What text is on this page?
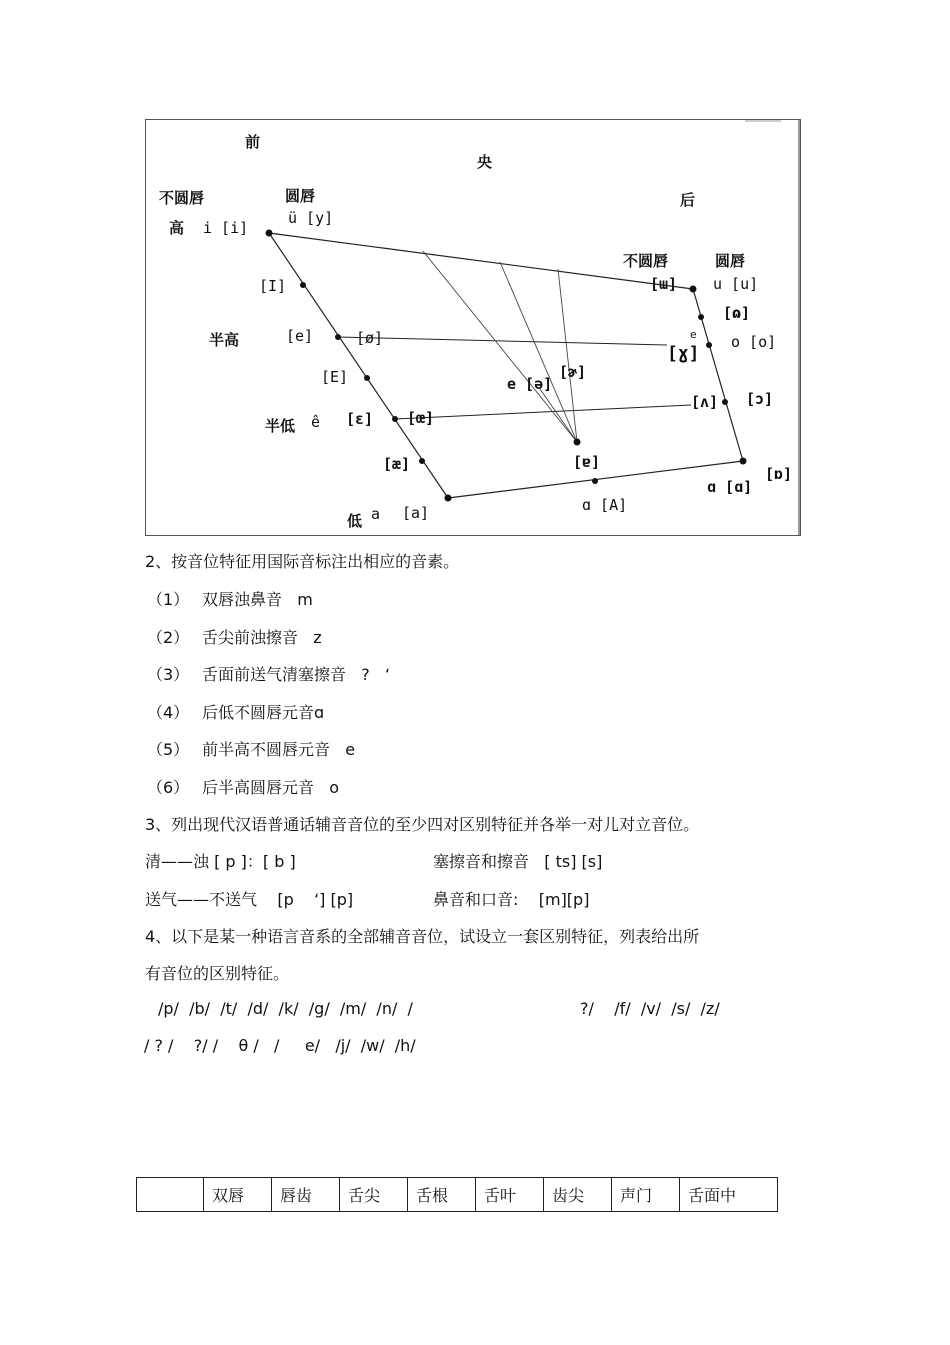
前
央
后
不圆唇	圆唇
不圆唇	圆唇
高
半高
半低
低
i [i]
ü [y]
[I]
[e]	[ø]
[E]
ê [ɛ] [œ]
[æ]
a [a]
e [ə]
[ɚ]
[ɐ]
ɑ [A]
[ɯ] u [u]
[ɷ]
e
[ɣ]
o [o]
[ʌ] [ɔ]
ɑ [ɑ]
[ɒ]
2、按音位特征用国际音标注出相应的音素。
（1） 双唇浊鼻音   m
（2） 舌尖前浊擦音   z
（3） 舌面前送气清塞擦音   ?   ‘
（4） 后低不圆唇元音ɑ
（5） 前半高不圆唇元音   e
（6） 后半高圆唇元音   o
3、列出现代汉语普通话辅音音位的至少四对区别特征并各举一对儿对立音位。
清——浊 [ p ]：[ b ]	塞擦音和擦音   [ ts] [s]
送气——不送气    [p    ‘] [p]	鼻音和口音:    [m][p]
4、以下是某一种语言音系的全部辅音音位，试设立一套区别特征，列表给出所
有音位的区别特征。
/p/  /b/  /t/  /d/  /k/  /g/  /m/  /n/  /	?/    /f/  /v/  /s/  /z/
/ ? /    ?/ /    θ /   /     e/   /j/  /w/  /h/
	双唇	唇齿	舌尖	舌根	舌叶	齿尖	声门	舌面中
